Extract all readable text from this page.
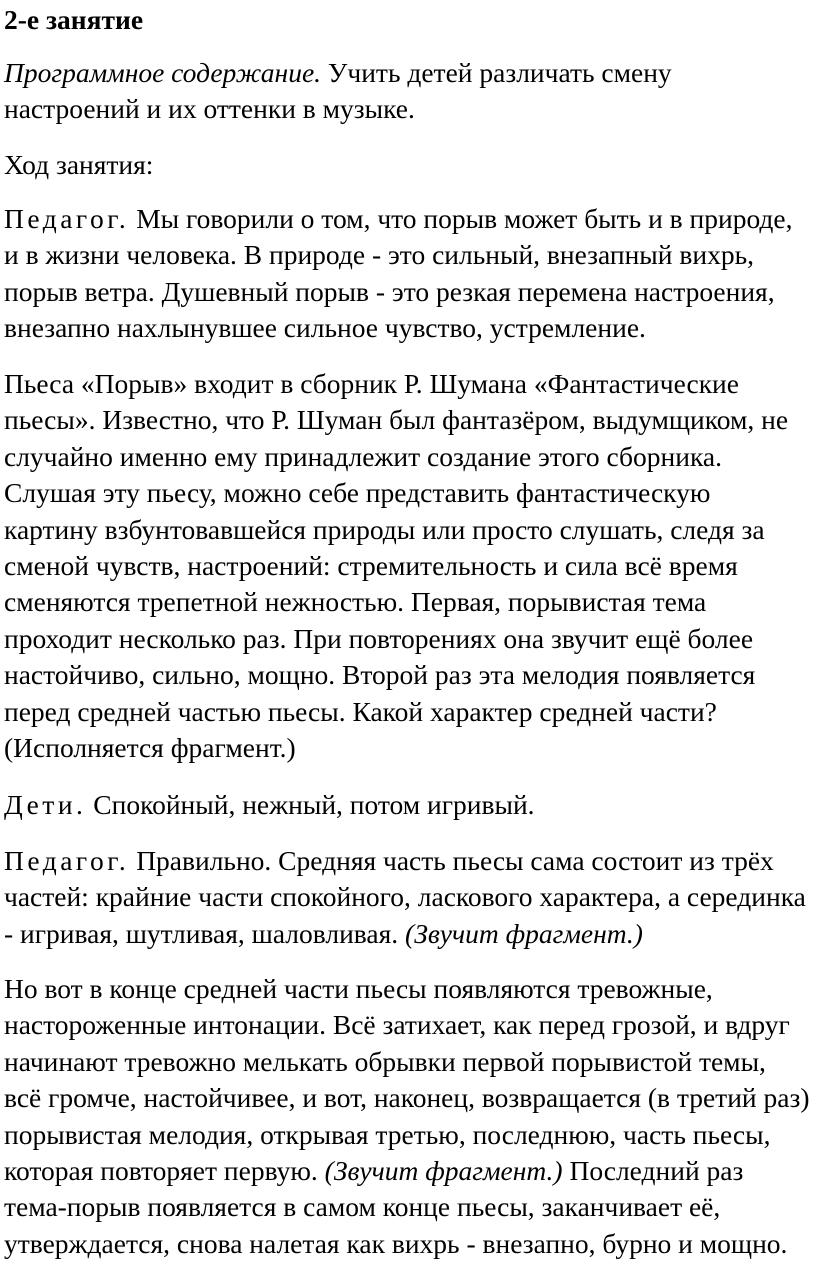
2-е занятие

Программное содержание. Учить детей различать смену настроений и их оттенки в музыке.

Ход занятия:

Педагог. Мы говорили о том, что порыв может быть и в природе, и в жизни человека. В природе - это сильный, внезапный вихрь, порыв ветра. Душевный порыв - это резкая перемена настроения, внезапно нахлынувшее сильное чувство, устремление.

Пьеса «Порыв» входит в сборник Р. Шумана «Фантастические пьесы». Известно, что Р. Шуман был фантазёром, выдумщиком, не случайно именно ему принадлежит создание этого сборника. Слушая эту пьесу, можно себе представить фантастическую картину взбунтовавшейся природы или просто слушать, следя за сменой чувств, настроений: стремительность и сила всё время сменяются трепетной нежностью. Первая, порывистая тема проходит несколько раз. При повторениях она звучит ещё более настойчиво, сильно, мощно. Второй раз эта мелодия появляется перед средней частью пьесы. Какой характер средней части? (Исполняется фрагмент.)

Дети. Спокойный, нежный, потом игривый.

Педагог. Правильно. Средняя часть пьесы сама состоит из трёх частей: крайние части спокойного, ласкового характера, а серединка - игривая, шутливая, шаловливая. (Звучит фрагмент.)

Но вот в конце средней части пьесы появляются тревожные, настороженные интонации. Всё затихает, как перед грозой, и вдруг начинают тревожно мелькать обрывки первой порывистой темы, всё громче, настойчивее, и вот, наконец, возвращается (в третий раз) порывистая мелодия, открывая третью, последнюю, часть пьесы, которая повторяет первую. (Звучит фрагмент.) Последний раз тема-порыв появляется в самом конце пьесы, заканчивает её, утверждается, снова налетая как вихрь - внезапно, бурно и мощно.
